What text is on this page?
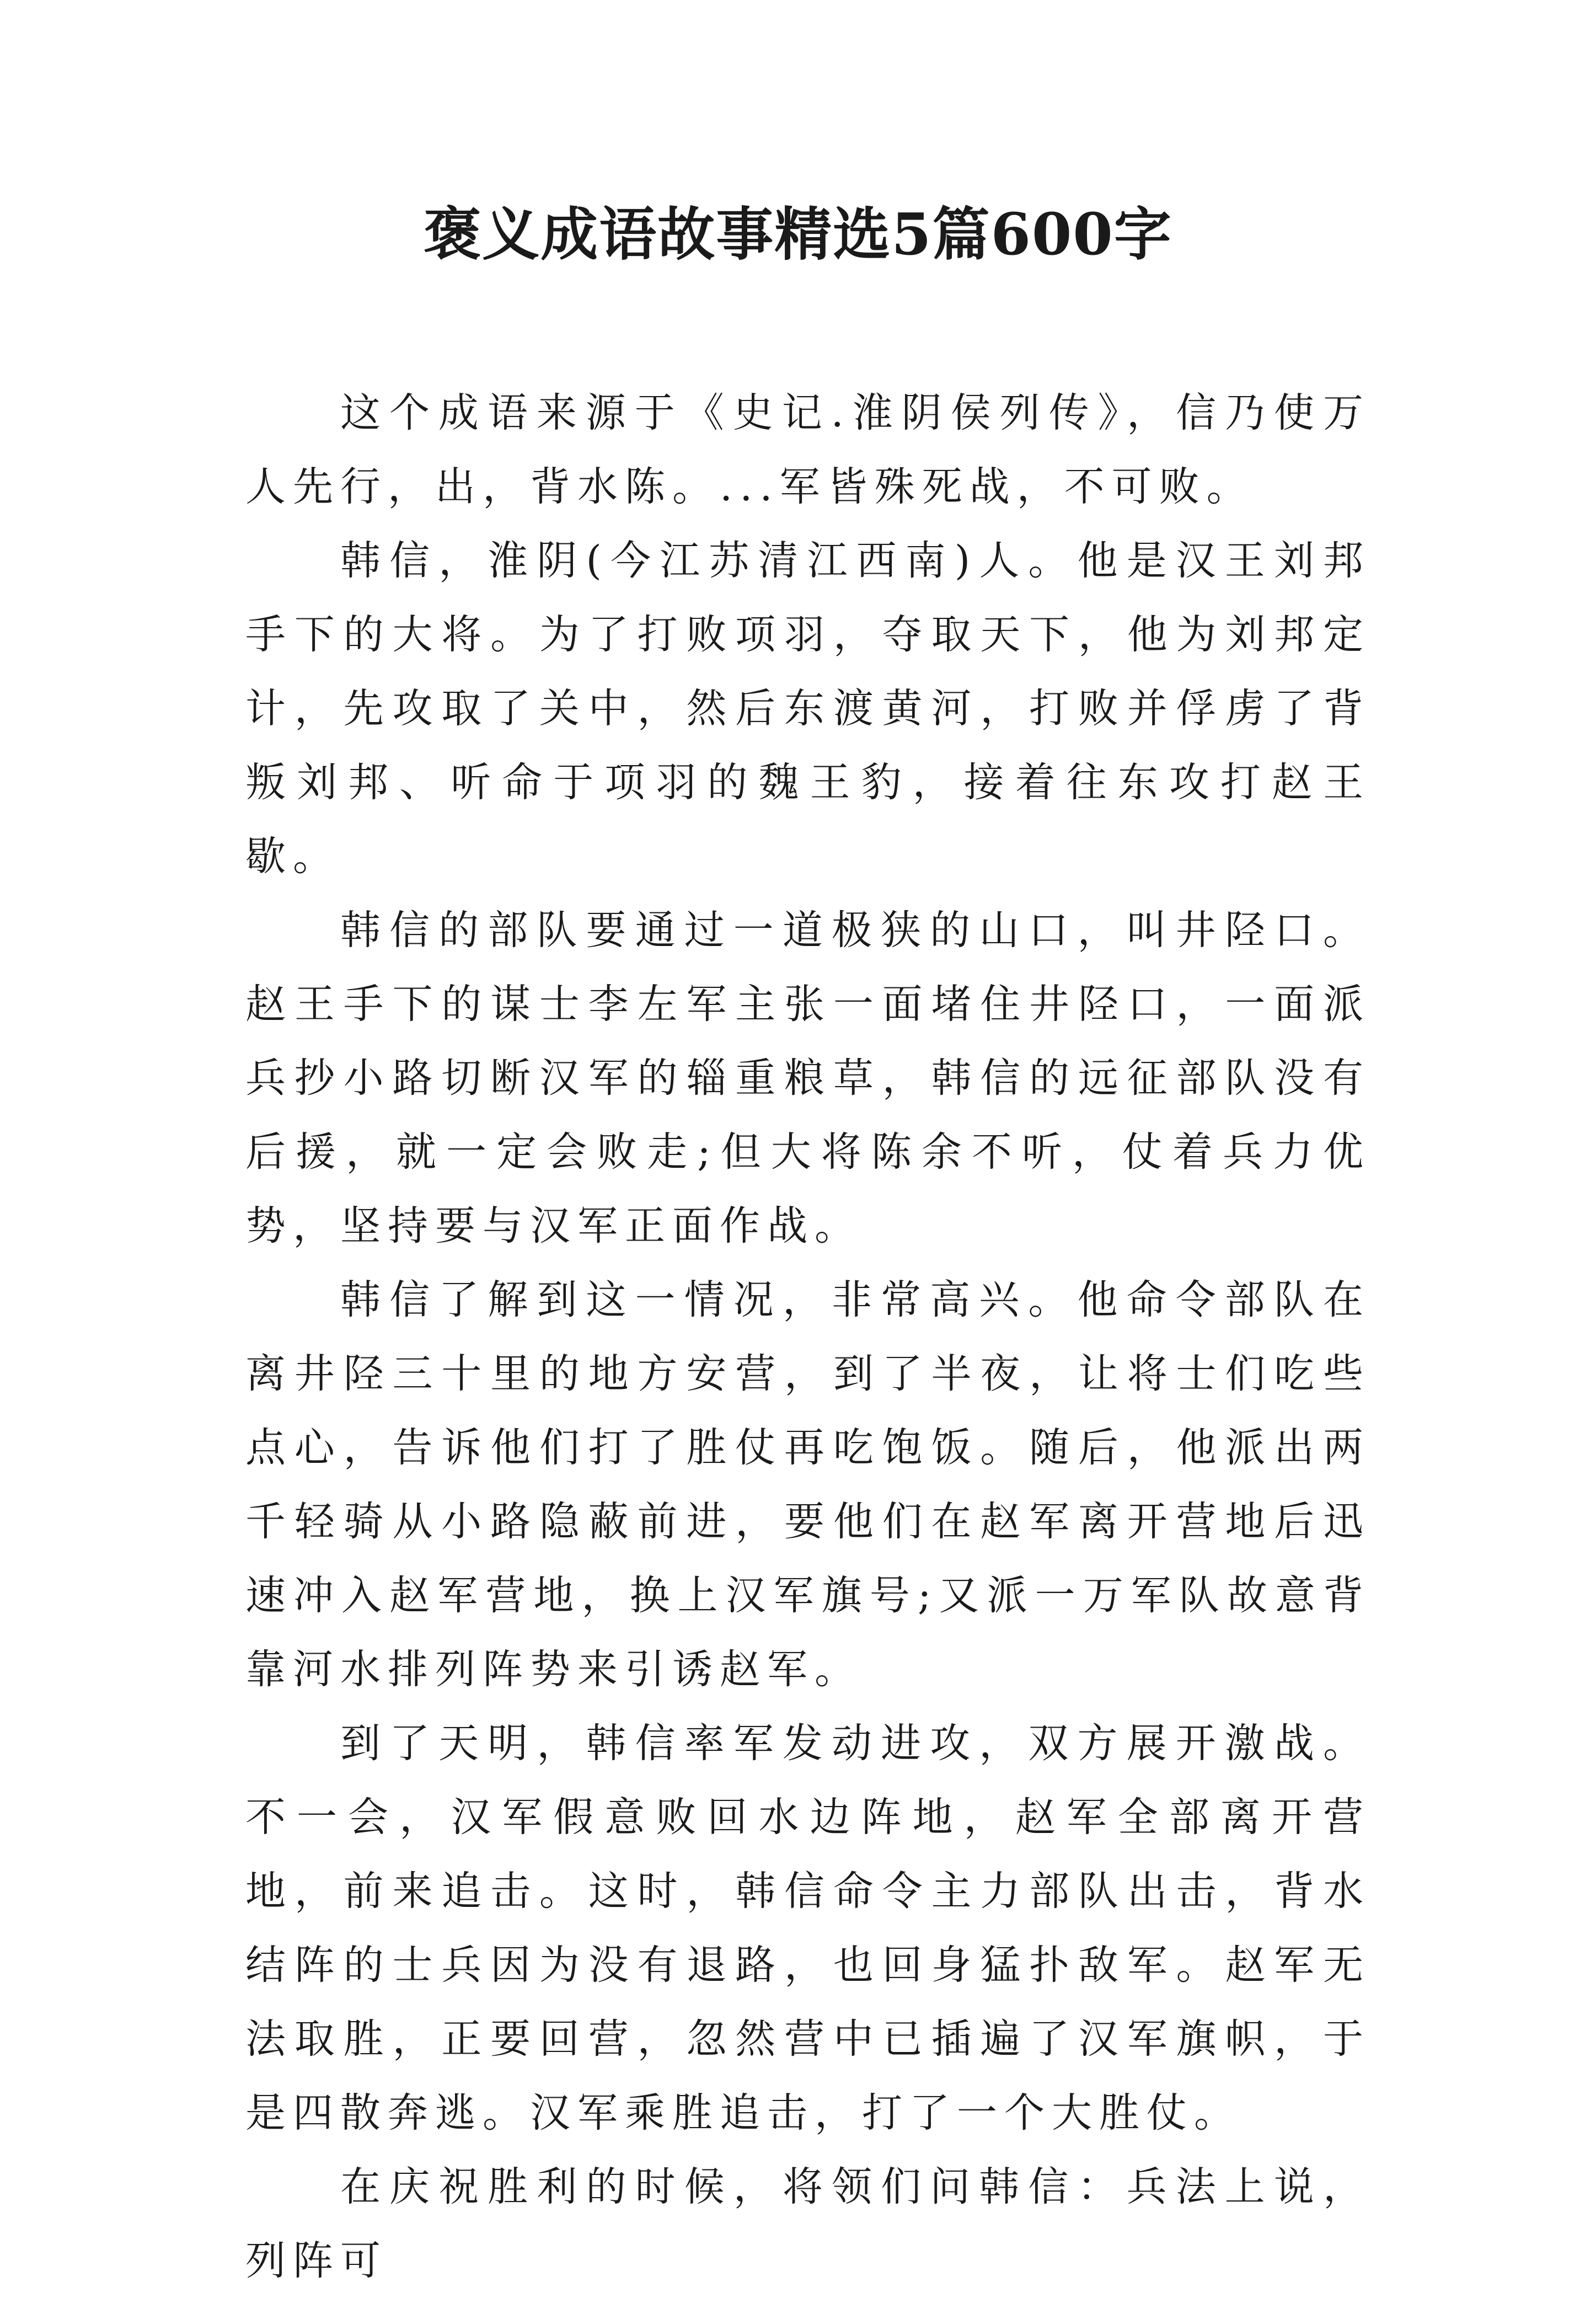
褒义成语故事精选5篇600字

这个成语来源于《史记.淮阴侯列传》，信乃使万人先行，出，背水陈。...军皆殊死战，不可败。

韩信，淮阴(今江苏清江西南)人。他是汉王刘邦手下的大将。为了打败项羽，夺取天下，他为刘邦定计，先攻取了关中，然后东渡黄河，打败并俘虏了背叛刘邦、听命于项羽的魏王豹，接着往东攻打赵王歇。

韩信的部队要通过一道极狭的山口，叫井陉口。赵王手下的谋士李左军主张一面堵住井陉口，一面派兵抄小路切断汉军的辎重粮草，韩信的远征部队没有后援，就一定会败走;但大将陈余不听，仗着兵力优势，坚持要与汉军正面作战。

韩信了解到这一情况，非常高兴。他命令部队在离井陉三十里的地方安营，到了半夜，让将士们吃些点心，告诉他们打了胜仗再吃饱饭。随后，他派出两千轻骑从小路隐蔽前进，要他们在赵军离开营地后迅速冲入赵军营地，换上汉军旗号;又派一万军队故意背靠河水排列阵势来引诱赵军。

到了天明，韩信率军发动进攻，双方展开激战。不一会，汉军假意败回水边阵地，赵军全部离开营地，前来追击。这时，韩信命令主力部队出击，背水结阵的士兵因为没有退路，也回身猛扑敌军。赵军无法取胜，正要回营，忽然营中已插遍了汉军旗帜，于是四散奔逃。汉军乘胜追击，打了一个大胜仗。

在庆祝胜利的时候，将领们问韩信：兵法上说，列阵可
